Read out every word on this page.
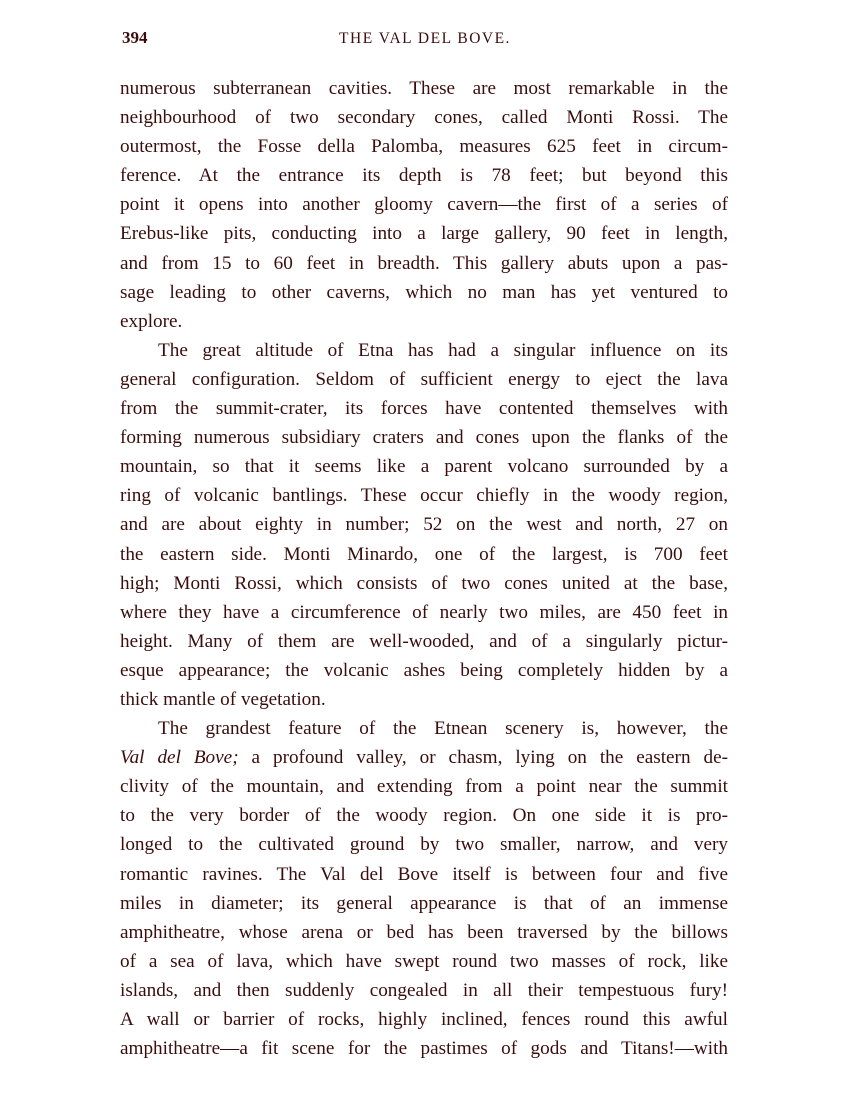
394	THE VAL DEL BOVE.
numerous subterranean cavities. These are most remarkable in the
neighbourhood of two secondary cones, called Monti Rossi. The
outermost, the Fosse della Palomba, measures 625 feet in circum-
ference. At the entrance its depth is 78 feet; but beyond this
point it opens into another gloomy cavern—the first of a series of
Erebus-like pits, conducting into a large gallery, 90 feet in length,
and from 15 to 60 feet in breadth. This gallery abuts upon a pas-
sage leading to other caverns, which no man has yet ventured to
explore.
The great altitude of Etna has had a singular influence on its
general configuration. Seldom of sufficient energy to eject the lava
from the summit-crater, its forces have contented themselves with
forming numerous subsidiary craters and cones upon the flanks of the
mountain, so that it seems like a parent volcano surrounded by a
ring of volcanic bantlings. These occur chiefly in the woody region,
and are about eighty in number; 52 on the west and north, 27 on
the eastern side. Monti Minardo, one of the largest, is 700 feet
high; Monti Rossi, which consists of two cones united at the base,
where they have a circumference of nearly two miles, are 450 feet in
height. Many of them are well-wooded, and of a singularly pictur-
esque appearance; the volcanic ashes being completely hidden by a
thick mantle of vegetation.
The grandest feature of the Etnean scenery is, however, the
Val del Bove; a profound valley, or chasm, lying on the eastern de-
clivity of the mountain, and extending from a point near the summit
to the very border of the woody region. On one side it is pro-
longed to the cultivated ground by two smaller, narrow, and very
romantic ravines. The Val del Bove itself is between four and five
miles in diameter; its general appearance is that of an immense
amphitheatre, whose arena or bed has been traversed by the billows
of a sea of lava, which have swept round two masses of rock, like
islands, and then suddenly congealed in all their tempestuous fury!
A wall or barrier of rocks, highly inclined, fences round this awful
amphitheatre—a fit scene for the pastimes of gods and Titans!—with
